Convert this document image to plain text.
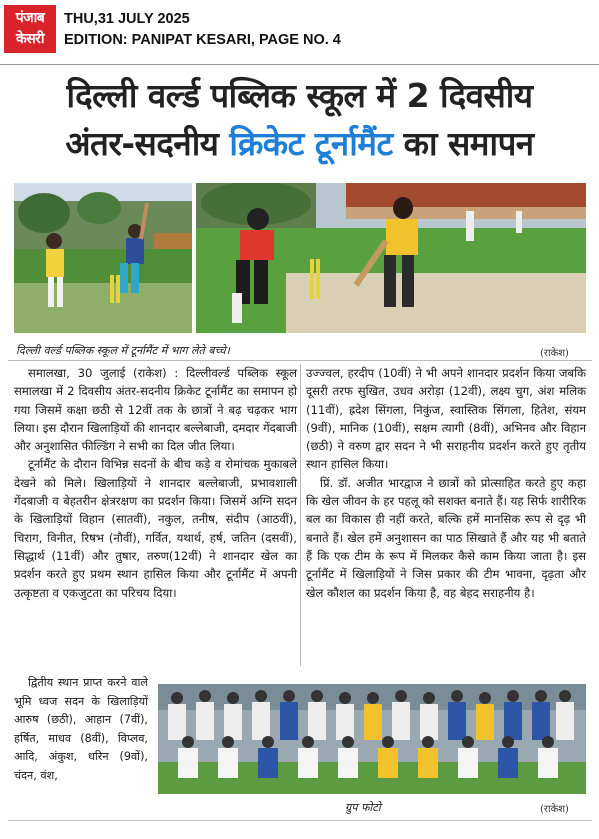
पंजाब
केसरी
THU,31 JULY 2025
EDITION: PANIPAT KESARI, PAGE NO. 4
दिल्ली वर्ल्ड पब्लिक स्कूल में 2 दिवसीय
अंतर-सदनीय क्रिकेट टूर्नामैंट का समापन
दिल्ली वर्ल्ड पब्लिक स्कूल में टूर्नामैंट में भाग लेते बच्चे।	(राकेश)

समालखा, 30 जुलाई (राकेश) : दिल्लीवर्ल्ड पब्लिक स्कूल समालखा में 2 दिवसीय अंतर-सदनीय क्रिकेट टूर्नामैंट का समापन हो गया जिसमें कक्षा छठी से 12वीं तक के छात्रों ने बढ़ चढ़कर भाग लिया। इस दौरान खिलाड़ियों की शानदार बल्लेबाजी, दमदार गेंदबाजी और अनुशासित फील्डिंग ने सभी का दिल जीत लिया।

टूर्नामैंट के दौरान विभिन्न सदनों के बीच कड़े व रोमांचक मुकाबले देखने को मिले। खिलाड़ियों ने शानदार बल्लेबाजी, प्रभावशाली गेंदबाजी व बेहतरीन क्षेत्ररक्षण का प्रदर्शन किया। जिसमें अग्नि सदन के खिलाड़ियों विहान (सातवीं), नकुल, तनीष, संदीप (आठवीं), चिराग, विनीत, रिषभ (नौवीं), गर्वित, यथार्थ, हर्ष, जतिन (दसवीं), सिद्धार्थ (11वीं) और तुषार, तरुण(12वीं) ने शानदार खेल का प्रदर्शन करते हुए प्रथम स्थान हासिल किया और टूर्नामैंट में अपनी उत्कृष्टता व एकजुटता का परिचय दिया।

द्वितीय स्थान प्राप्त करने वाले भूमि ध्वज सदन के खिलाड़ियों आरुष (छठी), आहान (7वीं), हर्षित, माधव (8वीं), विप्लव, आदि, अंकुश, धरिन (9वों), चंदन, वंश,

उज्ज्वल, हरदीप (10वीं) ने भी अपने शानदार प्रदर्शन किया जबकि दूसरी तरफ सुखित, उधव अरोड़ा (12वीं), लक्ष्य चुग, अंश मलिक (11वीं), ह्रदेश सिंगला, निकुंज, स्वास्तिक सिंगला, हितेश, संयम (9वीं), मानिक (10वीं), सक्षम त्यागी (8वीं), अभिनव और विहान (छठी) ने वरुण द्वार सदन ने भी सराहनीय प्रदर्शन करते हुए तृतीय स्थान हासिल किया।

प्रिं. डॉ. अजीत भारद्वाज ने छात्रों को प्रोत्साहित करते हुए कहा कि खेल जीवन के हर पहलू को सशक्त बनाते हैं। यह सिर्फ शारीरिक बल का विकास ही नहीं करते, बल्कि हमें मानसिक रूप से दृढ़ भी बनाते हैं। खेल हमें अनुशासन का पाठ सिखाते हैं और यह भी बताते हैं कि एक टीम के रूप में मिलकर कैसे काम किया जाता है। इस टूर्नामैंट में खिलाड़ियों ने जिस प्रकार की टीम भावना, दृढ़ता और खेल कौशल का प्रदर्शन किया है, वह बेहद सराहनीय है।

ग्रुप फोटो	(राकेश)
